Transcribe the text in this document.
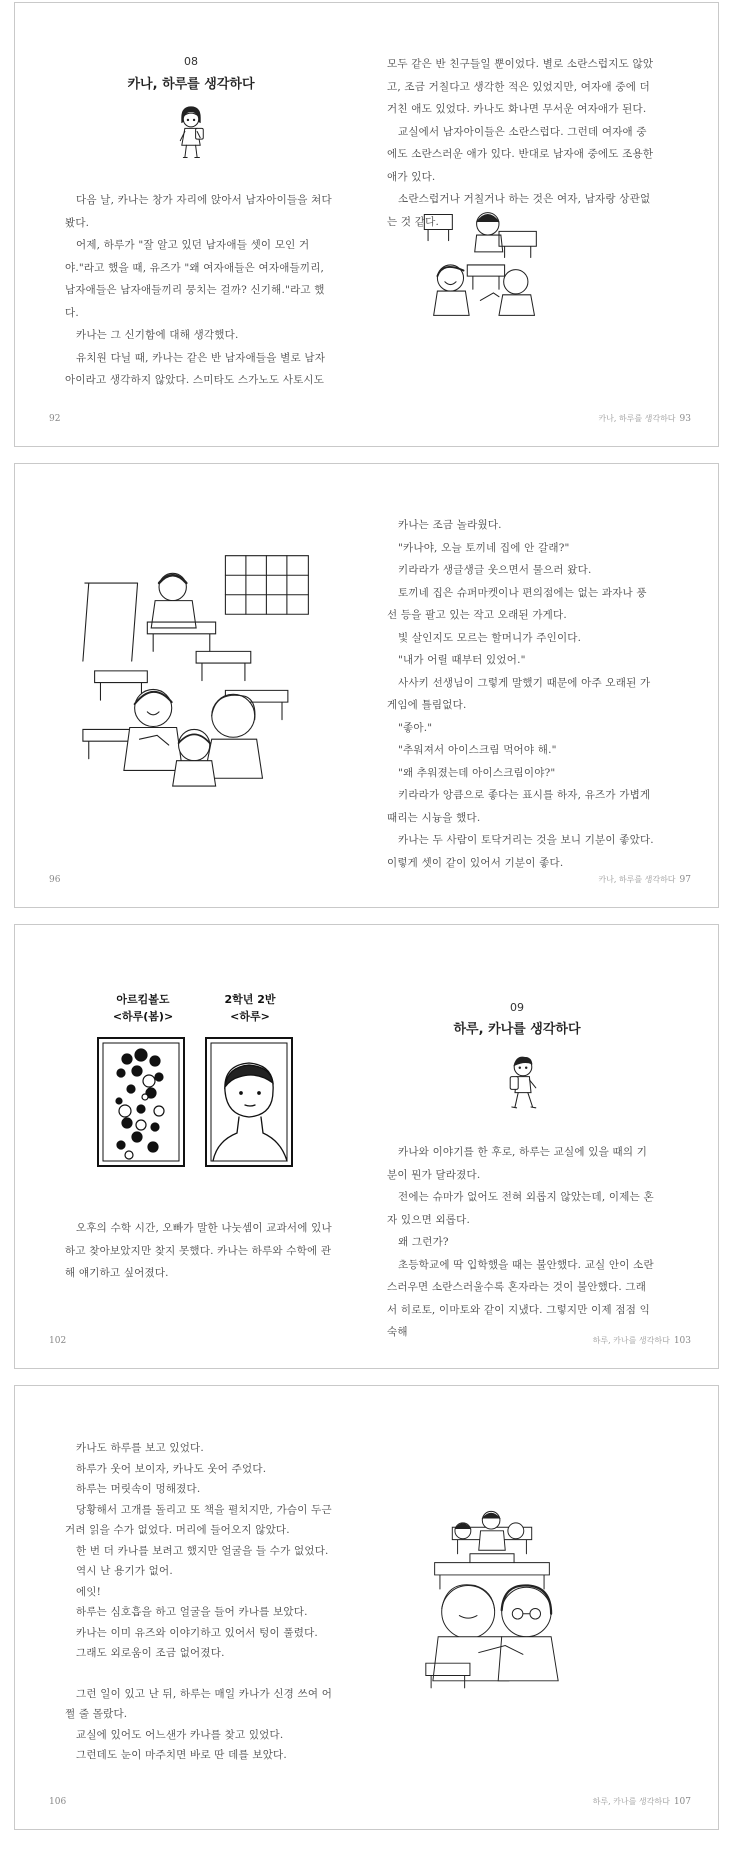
08
카나, 하루를 생각하다

다음 날, 카나는 창가 자리에 앉아서 남자아이들을 쳐다봤다.

어제, 하루가 "잘 알고 있던 남자애들 셋이 모인 거야."라고 했을 때, 유즈가 "왜 여자애들은 여자애들끼리, 남자애들은 남자애들끼리 뭉치는 걸까? 신기해."라고 했다.

카나는 그 신기함에 대해 생각했다.

유치원 다닐 때, 카나는 같은 반 남자애들을 별로 남자아이라고 생각하지 않았다. 스미타도 스가노도 사토시도

92

모두 같은 반 친구들일 뿐이었다. 별로 소란스럽지도 않았고, 조금 거칠다고 생각한 적은 있었지만, 여자애 중에 더 거친 애도 있었다. 카나도 화나면 무서운 여자애가 된다.

교실에서 남자아이들은 소란스럽다. 그런데 여자애 중에도 소란스러운 애가 있다. 반대로 남자애 중에도 조용한 애가 있다.

소란스럽거나 거칠거나 하는 것은 여자, 남자랑 상관없는 것 같다.

카나, 하루를 생각하다 93
96

카나는 조금 놀라웠다.

"카나야, 오늘 토끼네 집에 안 갈래?"

키라라가 생글생글 웃으면서 물으러 왔다.

토끼네 집은 슈퍼마켓이나 편의점에는 없는 과자나 풍선 등을 팔고 있는 작고 오래된 가게다.

빛 살인지도 모르는 할머니가 주인이다.

"내가 어릴 때부터 있었어."

사사키 선생님이 그렇게 말했기 때문에 아주 오래된 가게임에 틀림없다.

"좋아."

"추워져서 아이스크림 먹어야 해."

"왜 추워졌는데 아이스크림이야?"

키라라가 앙큼으로 좋다는 표시를 하자, 유즈가 가볍게 때리는 시늉을 했다.

카나는 두 사람이 토닥거리는 것을 보니 기분이 좋았다. 이렇게 셋이 같이 있어서 기분이 좋다.

카나, 하루를 생각하다 97
아르킴볼도
<하루(봄)>
2학년 2반
<하루>

오후의 수학 시간, 오빠가 말한 나눗셈이 교과서에 있나 하고 찾아보았지만 찾지 못했다. 카나는 하루와 수학에 관해 얘기하고 싶어졌다.

102
09
하루, 카나를 생각하다

카나와 이야기를 한 후로, 하루는 교실에 있을 때의 기분이 뭔가 달라졌다.

전에는 슈마가 없어도 전혀 외롭지 않았는데, 이제는 혼자 있으면 외롭다.

왜 그런가?

초등학교에 딱 입학했을 때는 불안했다. 교실 안이 소란스러우면 소란스러울수록 혼자라는 것이 불안했다. 그래서 히로토, 이마토와 같이 지냈다. 그렇지만 이제 점점 익숙해

하루, 카나를 생각하다 103

카나도 하루를 보고 있었다.

하루가 웃어 보이자, 카나도 웃어 주었다.

하루는 머릿속이 멍해졌다.

당황해서 고개를 돌리고 또 책을 펼치지만, 가슴이 두근거려 읽을 수가 없었다. 머리에 들어오지 않았다.

한 번 더 카나를 보려고 했지만 얼굴을 들 수가 없었다.

역시 난 용기가 없어.

에잇!

하루는 심호흡을 하고 얼굴을 들어 카나를 보았다.

카나는 이미 유즈와 이야기하고 있어서 텅이 풀렸다.

그래도 외로움이 조금 없어졌다.

그런 일이 있고 난 뒤, 하루는 매일 카나가 신경 쓰여 어쩔 줄 몰랐다.

교실에 있어도 어느샌가 카나를 찾고 있었다.

그런데도 눈이 마주치면 바로 딴 데를 보았다.

106	하루, 카나를 생각하다 107
